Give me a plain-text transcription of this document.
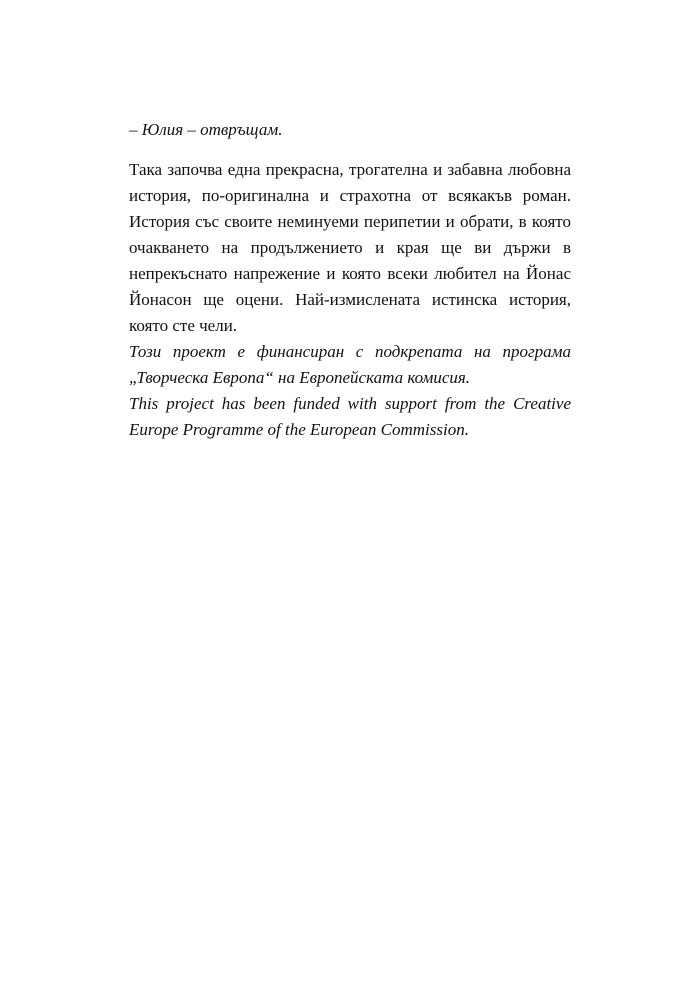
– Юлия – отвръщам.

Така започва една прекрасна, трогателна и забавна любовна история, по-оригинална и страхотна от всякакъв роман. История със своите неминуеми перипетии и обрати, в която очакването на продължението и края ще ви държи в непрекъснато напрежение и която всеки любител на Йонас Йонасон ще оцени. Най-измислената истинска история, която сте чели.

Този проект е финансиран с подкрепата на програма „Творческа Европа“ на Европейската комисия.

This project has been funded with support from the Creative Europe Programme of the European Commission.
